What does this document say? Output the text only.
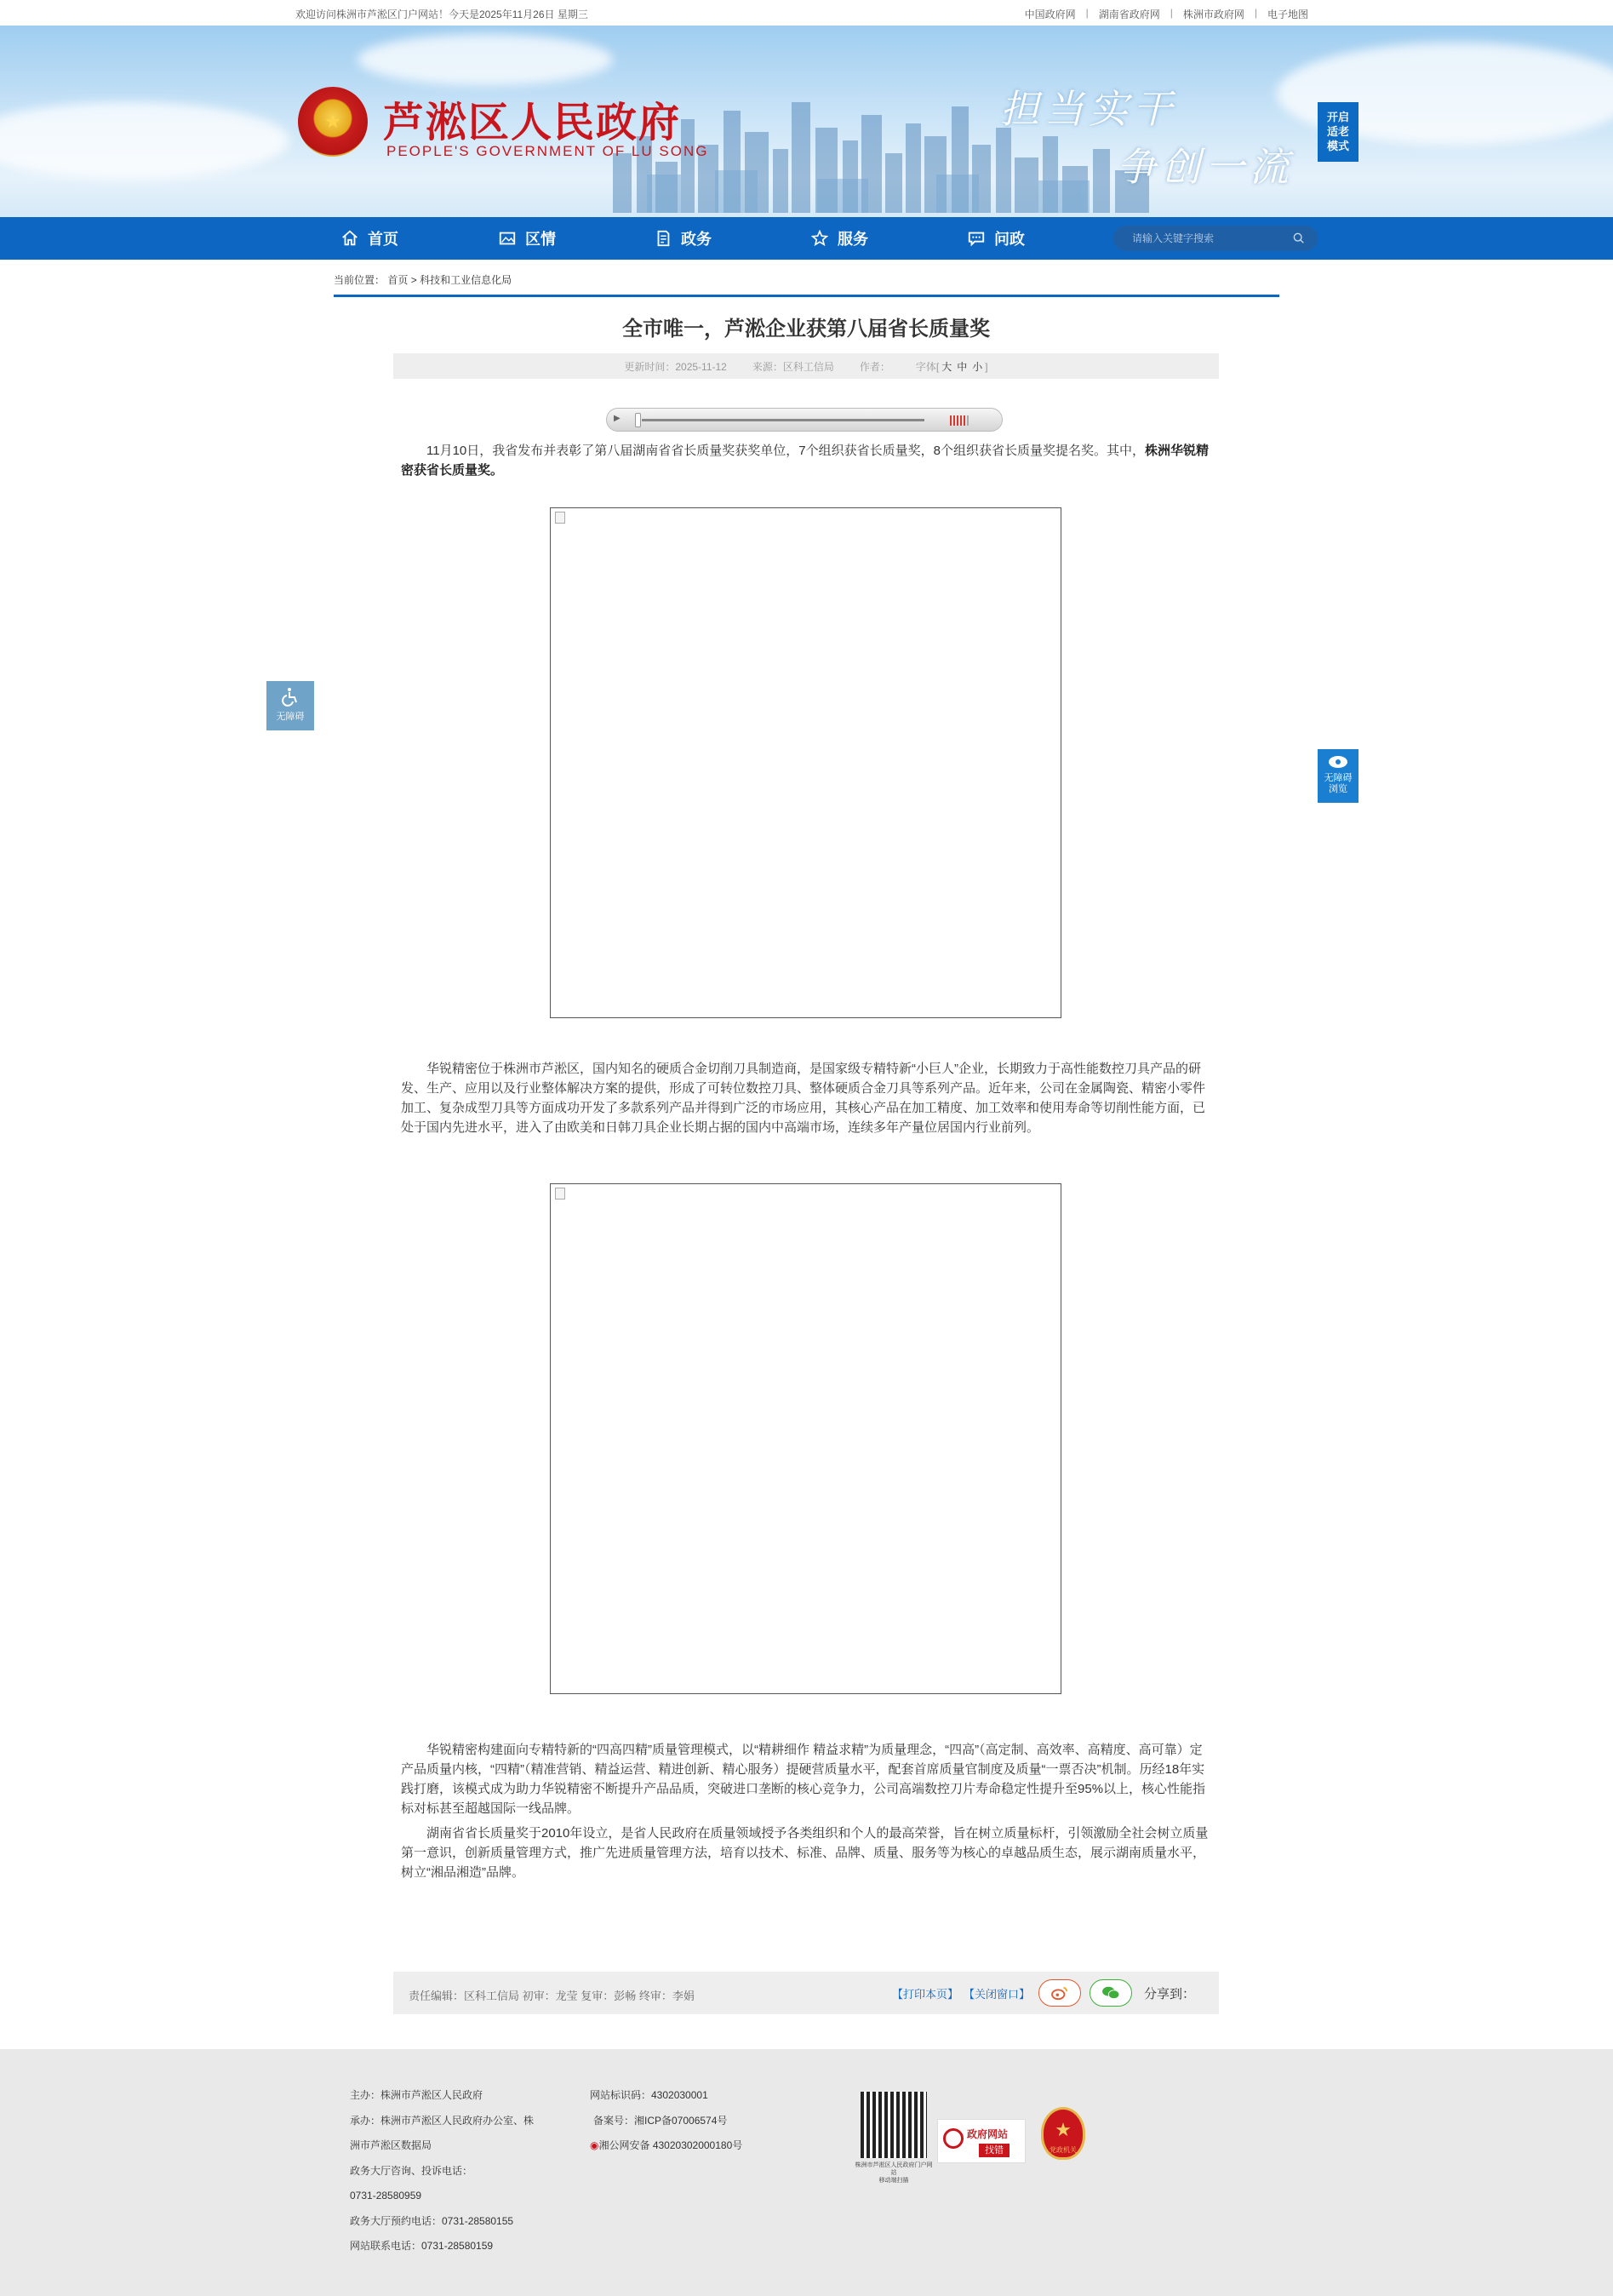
欢迎访问株洲市芦淞区门户网站！今天是2025年11月26日 星期三	中国政府网 | 湖南省政府网 | 株洲市政府网 | 电子地图
★	芦淞区人民政府
PEOPLE'S GOVERNMENT OF LU SONG
担当实干
争创一流
开启
适老
模式
首页	区情	政务	服务	问政
请输入关键字搜索
当前位置： 首页 > 科技和工业信息化局
全市唯一，芦淞企业获第八届省长质量奖
更新时间：2025-11-12	来源：区科工信局	作者：	字体[ 大 中 小 ]
▶

11月10日，我省发布并表彰了第八届湖南省省长质量奖获奖单位，7个组织获省长质量奖，8个组织获省长质量奖提名奖。其中，株洲华锐精密获省长质量奖。

华锐精密位于株洲市芦淞区，国内知名的硬质合金切削刀具制造商，是国家级专精特新“小巨人”企业，长期致力于高性能数控刀具产品的研发、生产、应用以及行业整体解决方案的提供，形成了可转位数控刀具、整体硬质合金刀具等系列产品。近年来，公司在金属陶瓷、精密小零件加工、复杂成型刀具等方面成功开发了多款系列产品并得到广泛的市场应用，其核心产品在加工精度、加工效率和使用寿命等切削性能方面，已处于国内先进水平，进入了由欧美和日韩刀具企业长期占据的国内中高端市场，连续多年产量位居国内行业前列。

华锐精密构建面向专精特新的“四高四精”质量管理模式，以“精耕细作 精益求精”为质量理念，“四高”（高定制、高效率、高精度、高可靠）定产品质量内核，“四精”（精准营销、精益运营、精进创新、精心服务）提硬营质量水平，配套首席质量官制度及质量“一票否决”机制。历经18年实践打磨，该模式成为助力华锐精密不断提升产品品质，突破进口垄断的核心竞争力，公司高端数控刀片寿命稳定性提升至95%以上，核心性能指标对标甚至超越国际一线品牌。

湖南省省长质量奖于2010年设立，是省人民政府在质量领域授予各类组织和个人的最高荣誉，旨在树立质量标杆，引领激励全社会树立质量第一意识，创新质量管理方式，推广先进质量管理方法，培育以技术、标准、品牌、质量、服务等为核心的卓越品质生态，展示湖南质量水平，树立“湘品湘造”品牌。

责任编辑：区科工信局 初审：龙莹 复审：彭畅 终审：李娟	【打印本页】 【关闭窗口】	分享到：
无障碍
无障碍
浏览
主办：株洲市芦淞区人民政府
承办：株洲市芦淞区人民政府办公室、株
洲市芦淞区数据局
政务大厅咨询、投诉电话：
0731-28580959
政务大厅预约电话：0731-28580155
网站联系电话：0731-28580159
网站标识码：4302030001
备案号：湘ICP备07006574号
◉湘公网安备 43020302000180号
株洲市芦淞区人民政府门户网站
移动端扫描
政府网站
找错
★
党政机关
